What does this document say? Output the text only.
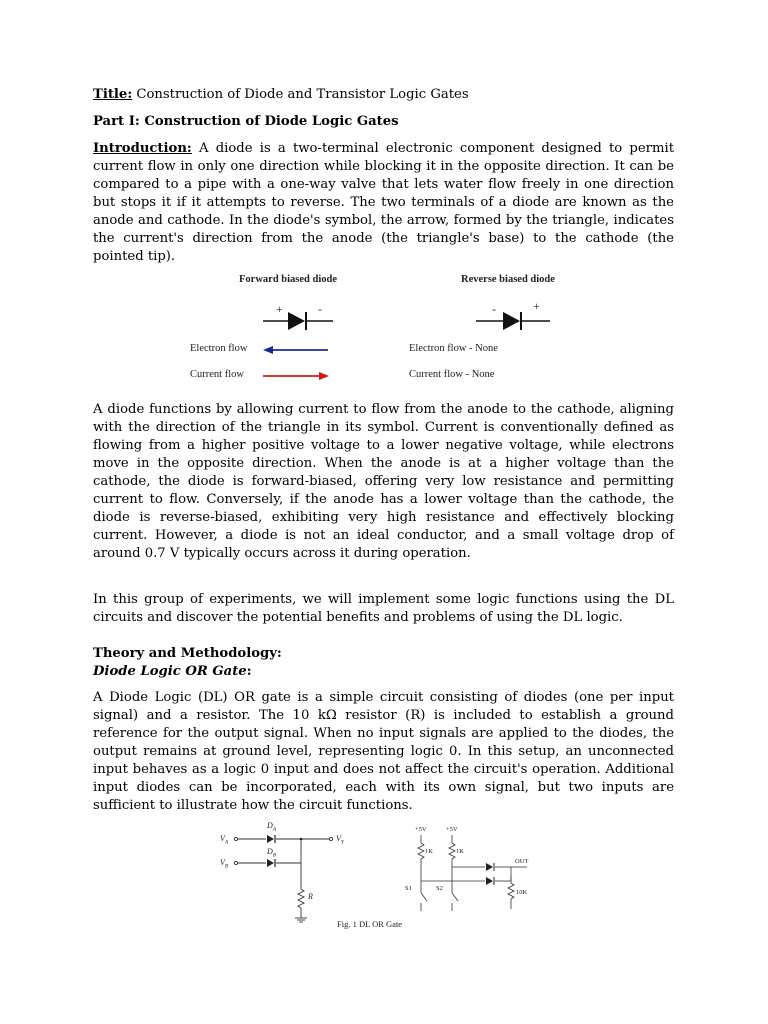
Title: Construction of Diode and Transistor Logic Gates

Part I: Construction of Diode Logic Gates

Introduction: A diode is a two-terminal electronic component designed to permit current flow in only one direction while blocking it in the opposite direction. It can be compared to a pipe with a one-way valve that lets water flow freely in one direction but stops it if it attempts to reverse. The two terminals of a diode are known as the anode and cathode. In the diode's symbol, the arrow, formed by the triangle, indicates the current's direction from the anode (the triangle's base) to the cathode (the pointed tip).

Forward biased diode	Reverse biased diode
+	-	-	+
Electron flow
Current flow
Electron flow - None
Current flow - None

A diode functions by allowing current to flow from the anode to the cathode, aligning with the direction of the triangle in its symbol. Current is conventionally defined as flowing from a higher positive voltage to a lower negative voltage, while electrons move in the opposite direction. When the anode is at a higher voltage than the cathode, the diode is forward-biased, offering very low resistance and permitting current to flow. Conversely, if the anode has a lower voltage than the cathode, the diode is reverse-biased, exhibiting very high resistance and effectively blocking current. However, a diode is not an ideal conductor, and a small voltage drop of around 0.7 V typically occurs across it during operation.

In this group of experiments, we will implement some logic functions using the DL circuits and discover the potential benefits and problems of using the DL logic.

Theory and Methodology:

Diode Logic OR Gate:

A Diode Logic (DL) OR gate is a simple circuit consisting of diodes (one per input signal) and a resistor. The 10 kΩ resistor (R) is included to establish a ground reference for the output signal. When no input signals are applied to the diodes, the output remains at ground level, representing logic 0. In this setup, an unconnected input behaves as a logic 0 input and does not affect the circuit's operation. Additional input diodes can be incorporated, each with its own signal, but two inputs are sufficient to illustrate how the circuit functions.

$V_A$
$V_B$
$D_A$
$D_B$
$V_Y$
R
+5V	+5V
1K	1K
OUT
S1	S2
10K
Fig. 1 DL OR Gate
